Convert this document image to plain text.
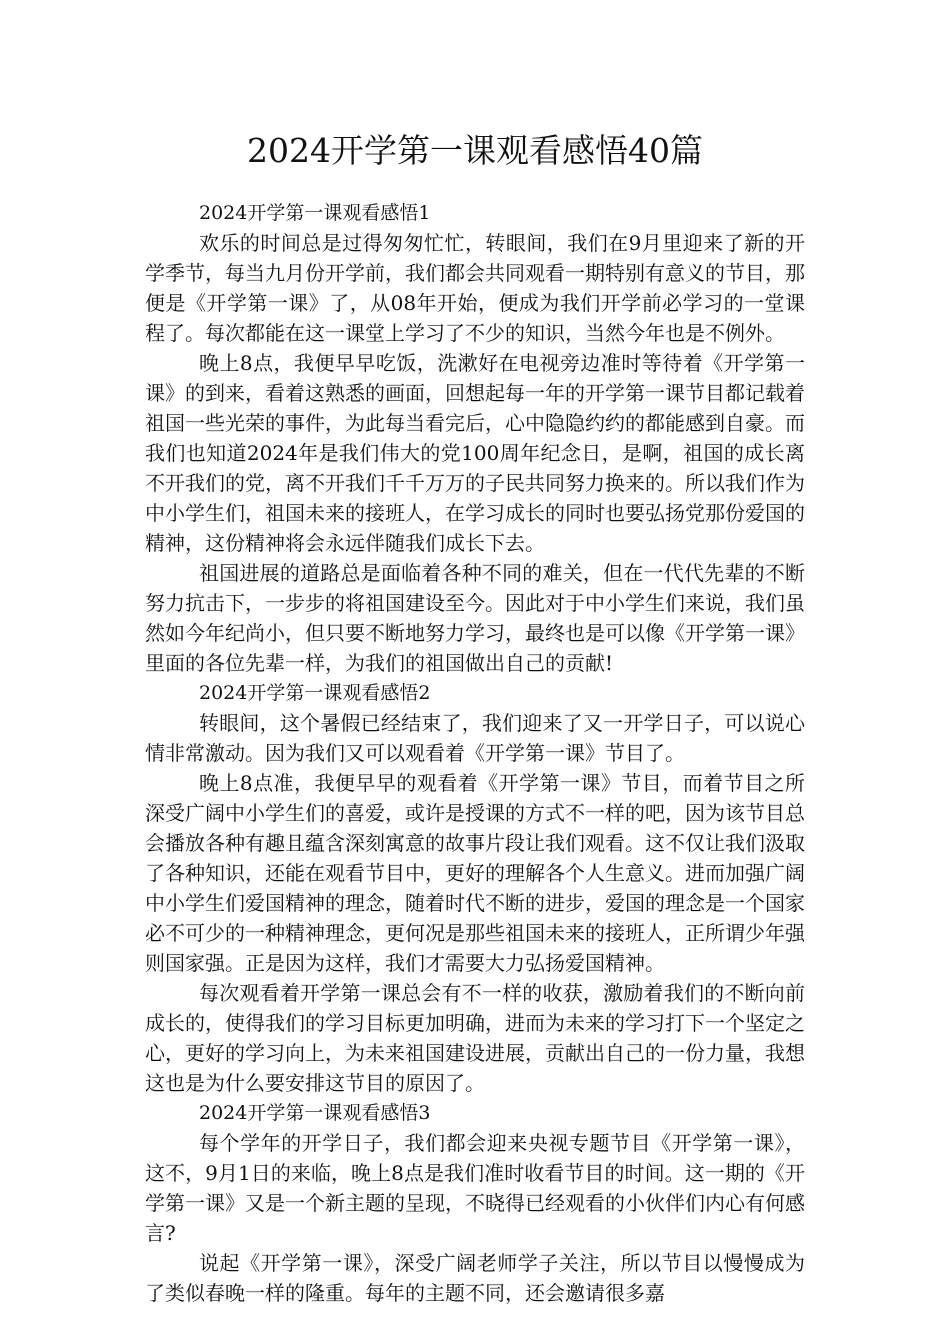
2024开学第一课观看感悟40篇
2024开学第一课观看感悟1

欢乐的时间总是过得匆匆忙忙，转眼间，我们在9月里迎来了新的开学季节，每当九月份开学前，我们都会共同观看一期特别有意义的节目，那便是《开学第一课》了，从08年开始，便成为我们开学前必学习的一堂课程了。每次都能在这一课堂上学习了不少的知识，当然今年也是不例外。

晚上8点，我便早早吃饭，洗漱好在电视旁边准时等待着《开学第一课》的到来，看着这熟悉的画面，回想起每一年的开学第一课节目都记载着祖国一些光荣的事件，为此每当看完后，心中隐隐约约的都能感到自豪。而我们也知道2024年是我们伟大的党100周年纪念日，是啊，祖国的成长离不开我们的党，离不开我们千千万万的子民共同努力换来的。所以我们作为中小学生们，祖国未来的接班人，在学习成长的同时也要弘扬党那份爱国的精神，这份精神将会永远伴随我们成长下去。

祖国进展的道路总是面临着各种不同的难关，但在一代代先辈的不断努力抗击下，一步步的将祖国建设至今。因此对于中小学生们来说，我们虽然如今年纪尚小，但只要不断地努力学习，最终也是可以像《开学第一课》里面的各位先辈一样，为我们的祖国做出自己的贡献!

2024开学第一课观看感悟2

转眼间，这个暑假已经结束了，我们迎来了又一开学日子，可以说心情非常激动。因为我们又可以观看着《开学第一课》节目了。

晚上8点准，我便早早的观看着《开学第一课》节目，而着节目之所深受广阔中小学生们的喜爱，或许是授课的方式不一样的吧，因为该节目总会播放各种有趣且蕴含深刻寓意的故事片段让我们观看。这不仅让我们汲取了各种知识，还能在观看节目中，更好的理解各个人生意义。进而加强广阔中小学生们爱国精神的理念，随着时代不断的进步，爱国的理念是一个国家必不可少的一种精神理念，更何况是那些祖国未来的接班人，正所谓少年强则国家强。正是因为这样，我们才需要大力弘扬爱国精神。

每次观看着开学第一课总会有不一样的收获，激励着我们的不断向前成长的，使得我们的学习目标更加明确，进而为未来的学习打下一个坚定之心，更好的学习向上，为未来祖国建设进展，贡献出自己的一份力量，我想这也是为什么要安排这节目的原因了。

2024开学第一课观看感悟3

每个学年的开学日子，我们都会迎来央视专题节目《开学第一课》，这不，9月1日的来临，晚上8点是我们准时收看节目的时间。这一期的《开学第一课》又是一个新主题的呈现，不晓得已经观看的小伙伴们内心有何感言?

说起《开学第一课》，深受广阔老师学子关注，所以节目以慢慢成为了类似春晚一样的隆重。每年的主题不同，还会邀请很多嘉
